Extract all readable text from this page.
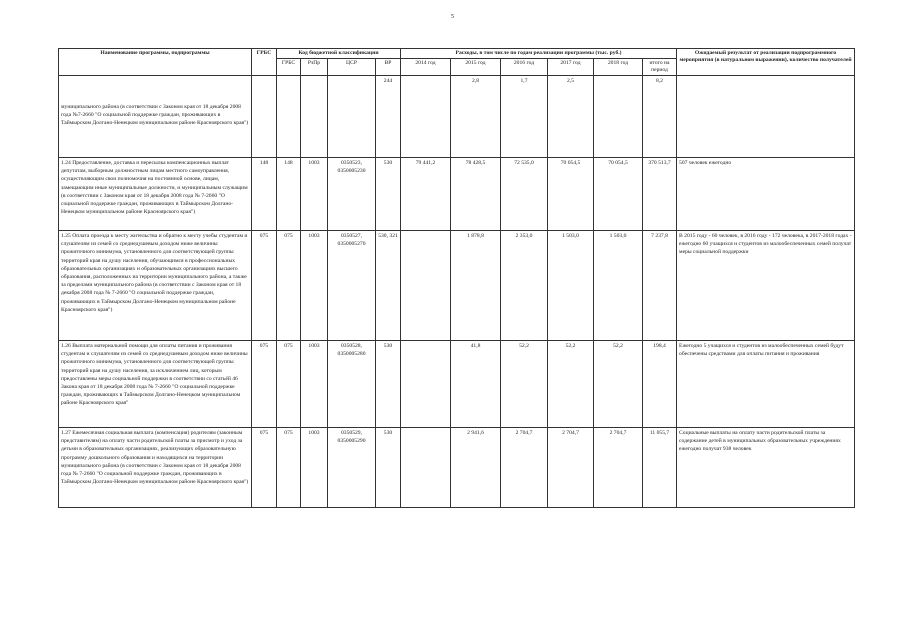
5
Наименование программы, подпрограммы	ГРБС	Код бюджетной классификации				Расходы, в том числе по годам реализации программы (тыс. руб.)						Ожидаемый результат от реализации подпрограммного мероприятия (в натуральном выражении), количество получателей
		ГРБС	РзПр	ЦСР	ВР	2014 год	2015 год	2016 год	2017 год	2018 год	итого на период	

муниципального района (в соответствии с Законом края от 18 декабря 2008 года №7-2660 "О социальной поддержке граждан, проживающих в Таймырском Долгано-Ненецком муниципальном районе Красноярского края")					244		2,8	1,7	2,5		8,2	
1.24 Предоставление, доставка и пересылка компенсационных выплат депутатам, выборным должностным лицам местного самоуправления, осуществляющим свои полномочия на постоянной основе, лицам, замещающим иные муниципальные должности, и муниципальным служащим (в соответствии с Законом края от 18 декабря 2008 года № 7-2660 "О социальной поддержке граждан, проживающих в Таймырском Долгано-Ненецком муниципальном районе Красноярского края")	148	148	1003	0350523, 0350005230	530	79 441,2	78 428,5	72 535,0	70 054,5	70 054,5	370 513,7	507 человек ежегодно
1.25 Оплата проезда к месту жительства и обратно к месту учебы студентам и слушателям из семей со среднедушевым доходом ниже величины прожиточного минимума, установленного для соответствующей группы территорий края на душу населения, обучающимся в профессиональных образовательных организациях и образовательных организациях высшего образования, расположенных на территории муниципального района, а также за пределами муниципального района (в соответствии с Законом края от 18 декабря 2008 года № 7-2660 "О социальной поддержке граждан, проживающих в Таймырском Долгано-Ненецком муниципальном районе Красноярского края")	075	075	1003	0350527, 0350005270	530, 321		1 878,8	2 353,0	1 503,0	1 503,0	7 237,8	В 2015 году - 60 человек, в 2016 году - 172 человека, в 2017-2018 годах - ежегодно 60 учащихся и студентов из малообеспеченных семей получат меры социальной поддержки
1.26 Выплата материальной помощи для оплаты питания и проживания студентам и слушателям из семей со среднедушевым доходом ниже величины прожиточного минимума, установленного для соответствующей группы территорий края на душу населения, за исключением лиц, которым предоставлены меры социальной поддержки в соответствии со статьёй 46 Закона края от 18 декабря 2008 года № 7-2660 "О социальной поддержке граждан, проживающих в Таймырском Долгано-Ненецком муниципальном районе Красноярского края"	075	075	1003	0350528, 0350005280	530		41,8	52,2	52,2	52,2	198,4	Ежегодно 5 учащихся и студентов из малообеспеченных семей будут обеспечены средствами для оплаты питания и проживания
1.27 Ежемесячная социальная выплата (компенсация) родителям (законным представителям) на оплату части родительской платы за присмотр и уход за детьми в образовательных организациях, реализующих образовательную программу дошкольного образования и находящихся на территории муниципального района (в соответствии с Законом края от 18 декабря 2008 года № 7-2660 "О социальной поддержке граждан, проживающих в Таймырском Долгано-Ненецком муниципальном районе Красноярского края")	075	075	1003	0350529, 0350005290	530		2 941,6	2 704,7	2 704,7	2 704,7	11 055,7	Социальные выплаты на оплату части родительской платы за содержание детей в муниципальных образовательных учреждениях ежегодно получат 938 человек
